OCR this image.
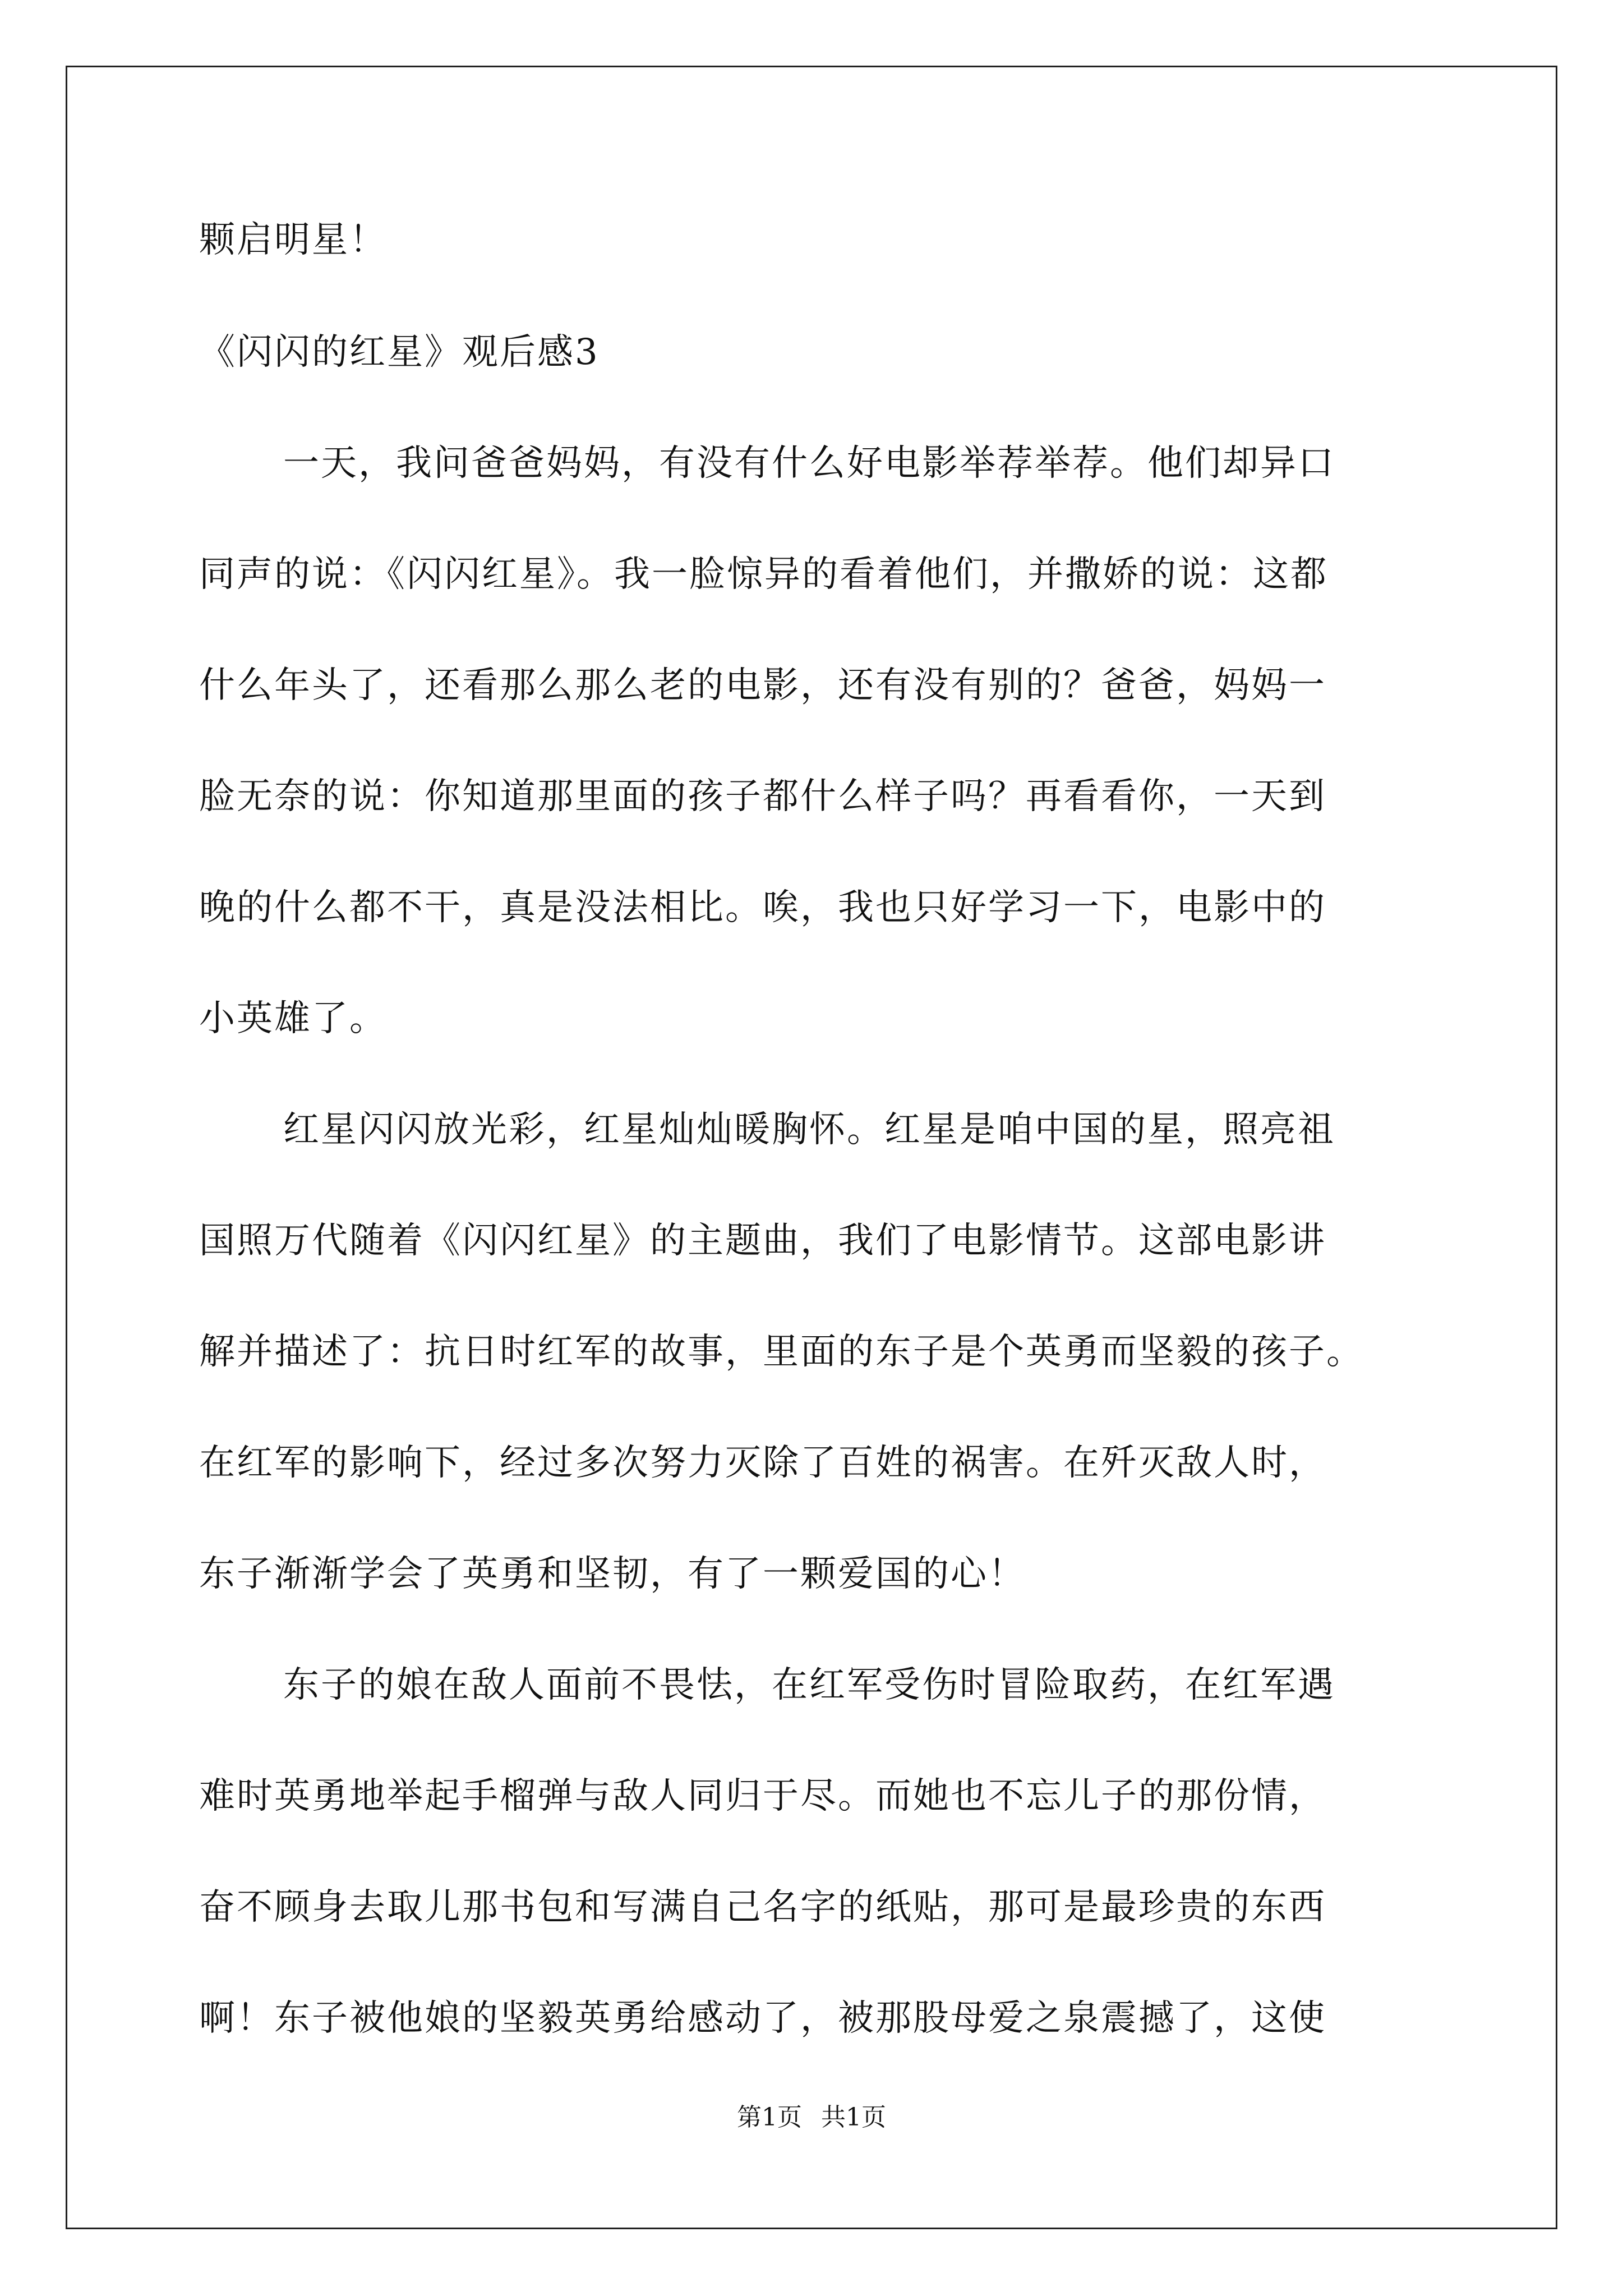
颗启明星！
《闪闪的红星》观后感3
一天，我问爸爸妈妈，有没有什么好电影举荐举荐。他们却异口
同声的说：《闪闪红星》。我一脸惊异的看着他们，并撒娇的说：这都
什么年头了，还看那么那么老的电影，还有没有别的？爸爸，妈妈一
脸无奈的说：你知道那里面的孩子都什么样子吗？再看看你，一天到
晚的什么都不干，真是没法相比。唉，我也只好学习一下，电影中的
小英雄了。
红星闪闪放光彩，红星灿灿暖胸怀。红星是咱中国的星，照亮祖
国照万代随着《闪闪红星》的主题曲，我们了电影情节。这部电影讲
解并描述了：抗日时红军的故事，里面的东子是个英勇而坚毅的孩子。
在红军的影响下，经过多次努力灭除了百姓的祸害。在歼灭敌人时，
东子渐渐学会了英勇和坚韧，有了一颗爱国的心！
东子的娘在敌人面前不畏怯，在红军受伤时冒险取药，在红军遇
难时英勇地举起手榴弹与敌人同归于尽。而她也不忘儿子的那份情，
奋不顾身去取儿那书包和写满自己名字的纸贴，那可是最珍贵的东西
啊！东子被他娘的坚毅英勇给感动了，被那股母爱之泉震撼了，这使
第1页 共1页
